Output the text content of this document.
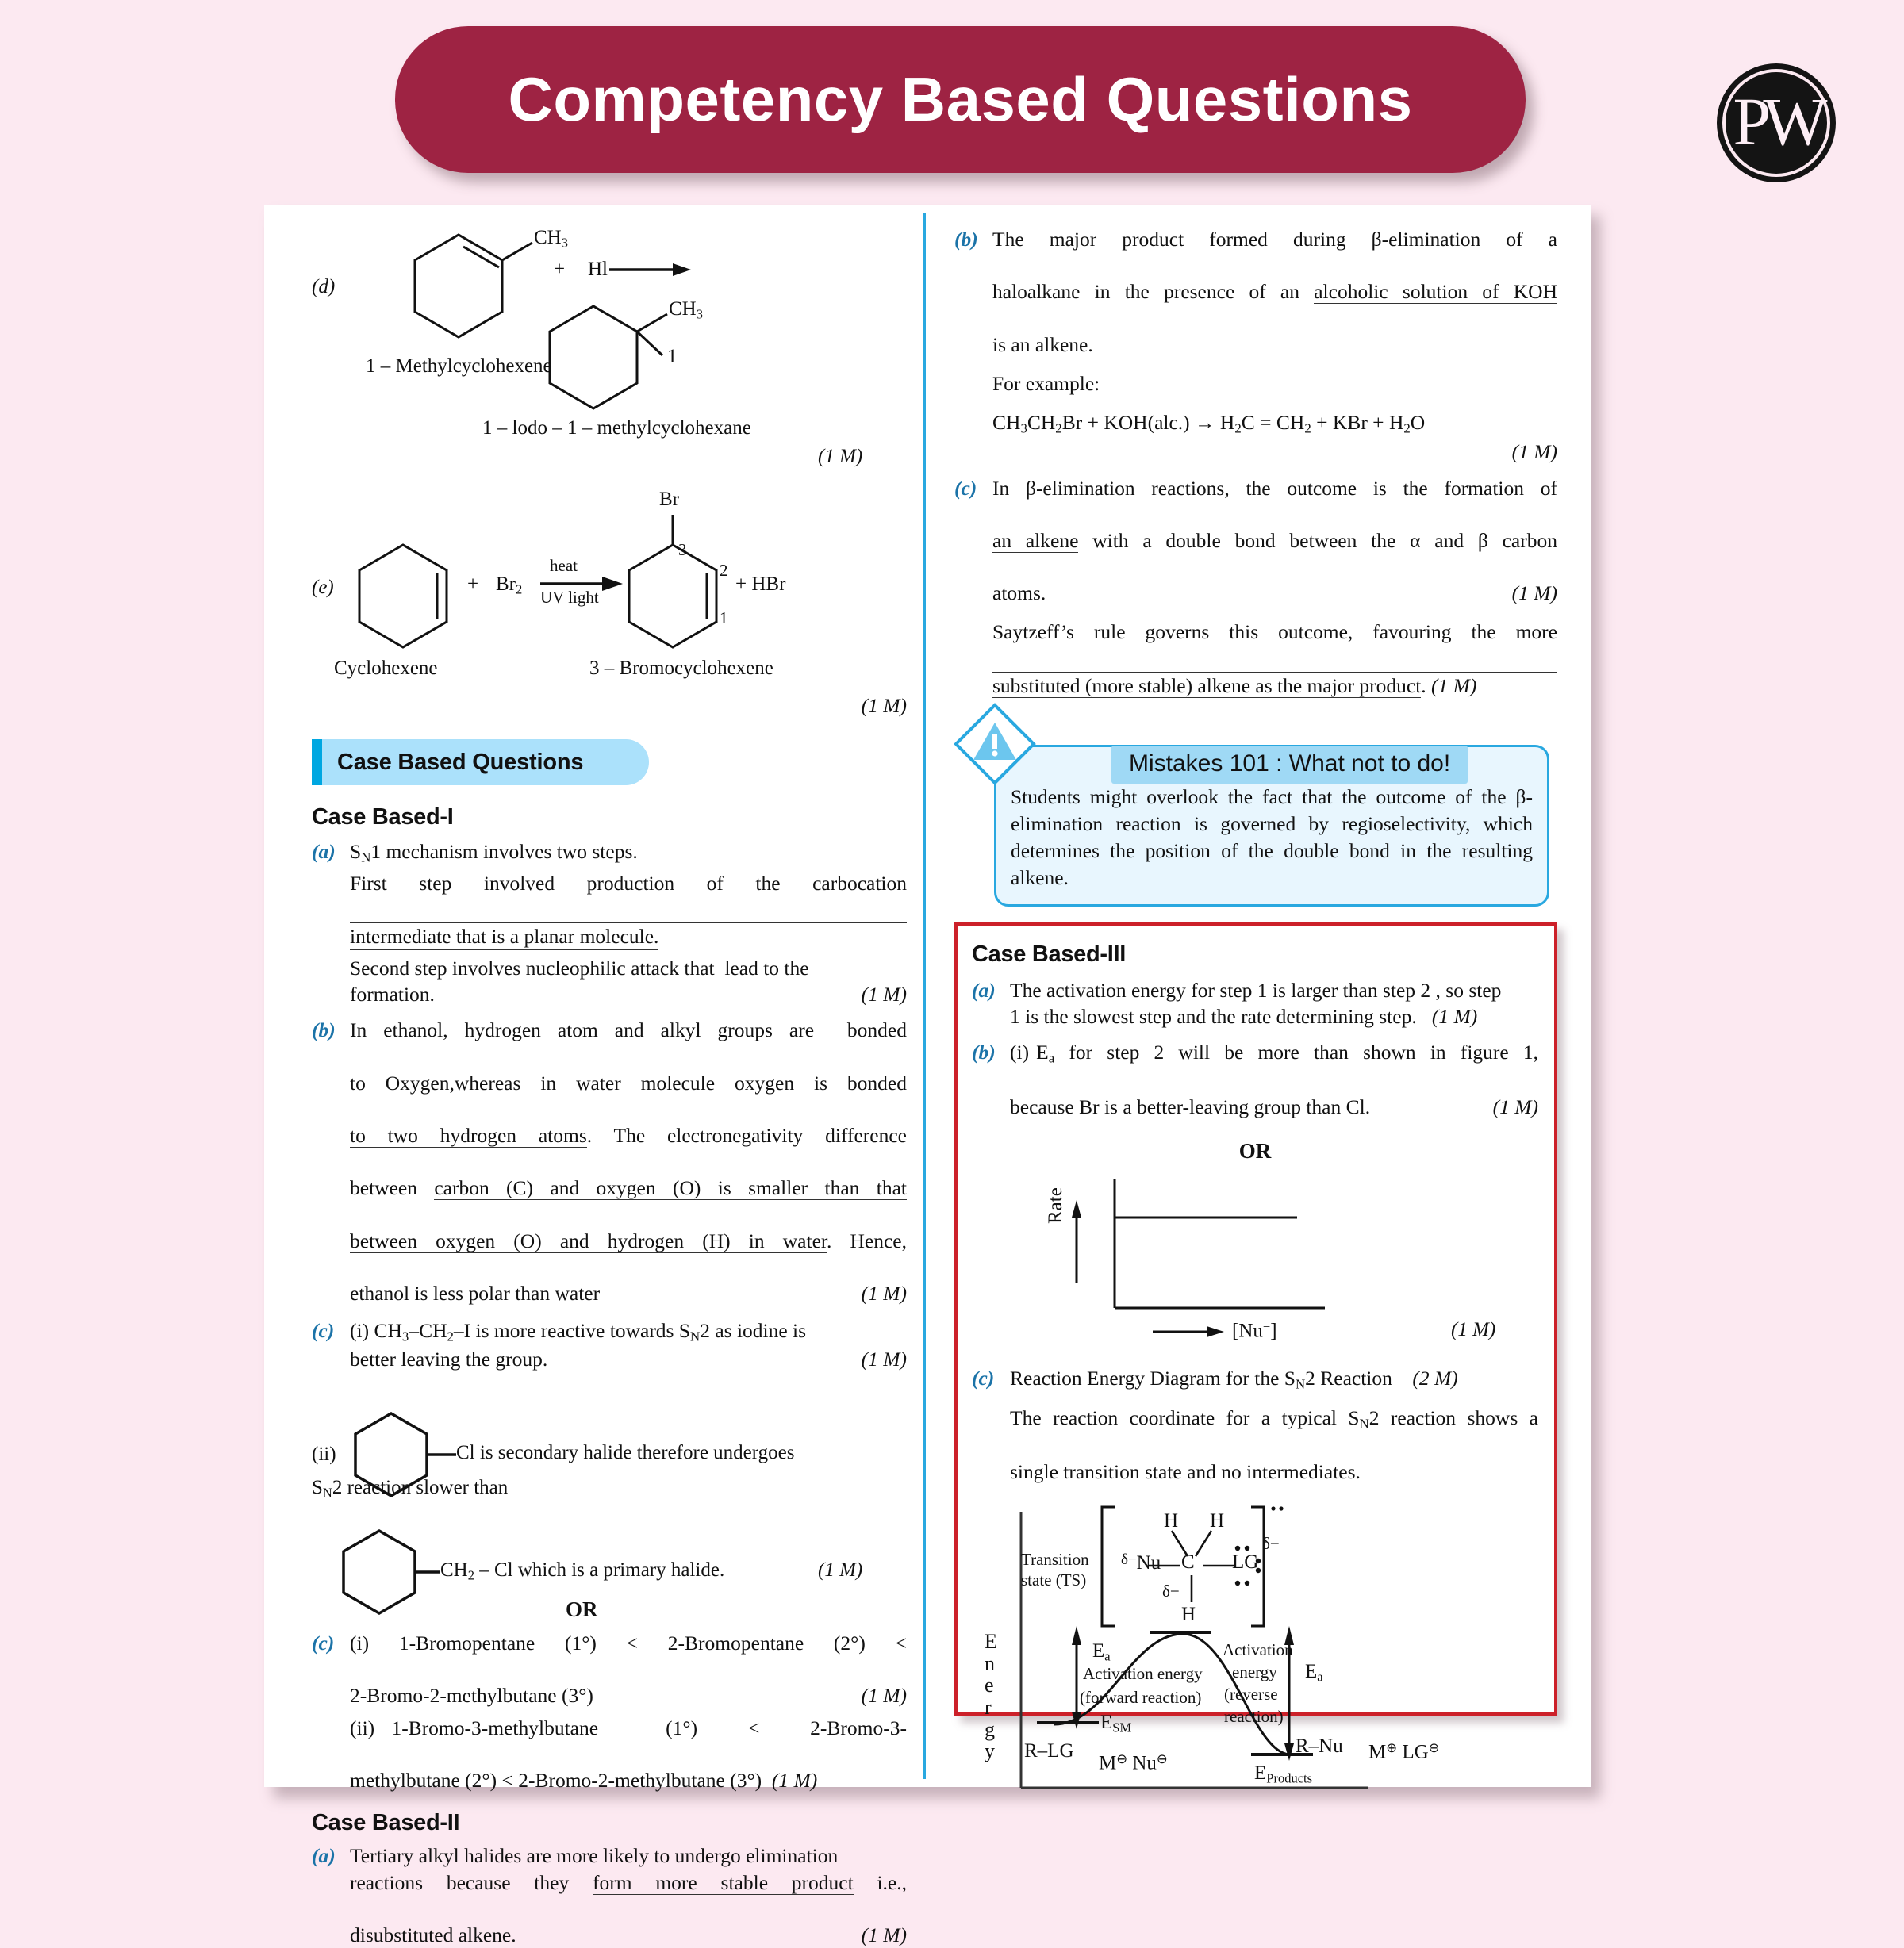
Competency Based Questions	PW
(d)
$CH_3$
+ Hl
1 – Methylcyclohexene
$CH_3$
1
1 – lodo – 1 – methylcyclohexane
(1 M)
(e)	+ $Br_2$
heat
UV light
Br
3
2
1
+ HBr
Cyclohexene	3 – Bromocyclohexene
(1 M)
Case Based Questions
Case Based-I
(a) $S_N1$ mechanism involves two steps.
First  step  involved  production  of  the  carbocation
intermediate that is a planar molecule.
Second step involves nucleophilic attack that  lead to the
formation.	(1 M)
(b) In ethanol, hydrogen atom and alkyl groups are  bonded
to Oxygen,whereas in water molecule oxygen is bonded
to two hydrogen atoms. The electronegativity difference
between carbon (C) and oxygen (O) is smaller than that
between oxygen (O) and hydrogen (H) in water. Hence,
ethanol is less polar than water	(1 M)
(c) (i) $CH_3-CH_2-I$ is more reactive towards $S_N2$ as iodine is
better leaving the group.	(1 M)
(ii)	Cl is secondary halide therefore undergoes
$S_N2$ reaction slower than
$CH_2$ – Cl which is a primary halide.	(1 M)
OR
(c) (i)  1-Bromopentane  (1°)  <  2-Bromopentane  (2°)  <
2-Bromo-2-methylbutane (3°)	(1 M)
(ii) 1-Bromo-3-methylbutane    (1°)   <   2-Bromo-3-
methylbutane (2°) < 2-Bromo-2-methylbutane (3°)  (1 M)
Case Based-II
(a) Tertiary alkyl halides are more likely to undergo elimination
reactions  because  they  form  more  stable  product  i.e.,
disubstituted alkene.	(1 M)
(b) The  major  product  formed  during  β-elimination  of  a
haloalkane in the presence of an alcoholic solution of KOH
is an alkene.
For example:
$CH_3CH_2Br + KOH(alc.) \to H_2C = CH_2$ + KBr + $H_2O$
(1 M)
(c) In β-elimination reactions, the outcome is the formation of
an alkene with a double bond between the α and β carbon
atoms.	(1 M)
Saytzeff’s rule governs this outcome, favouring the more
substituted (more stable) alkene as the major product. (1 M)
Mistakes 101 : What not to do!
Students might overlook the fact that the outcome of the β-elimination reaction is governed by regioselectivity, which determines the position of the double bond in the resulting alkene.
Case Based-III
(a) The activation energy for step 1 is larger than step 2 , so step
1 is the slowest step and the rate determining step.   (1 M)
(b) (i) $E_a$  for  step  2  will  be  more  than  shown  in  figure  1,
because Br is a better-leaving group than Cl.	(1 M)
OR
Rate
[Nu−]	(1 M)
(c) Reaction Energy Diagram for the $S_N2$ Reaction    (2 M)
The reaction coordinate for a typical $S_N2$ reaction shows a
single transition state and no intermediates.
Transition
state (TS)
$^{\delta-}$Nu C LG
δ−
H H
δ−
H
E
n
e
r
g
y
$E_a$
Activation energy
(forward reaction)
Activation
energy
(reverse
reaction)
$E_a$
$E_{SM}$
R–LG
M⊖ Nu⊖
R–Nu M⊕ LG⊖
$E_{Products}$
